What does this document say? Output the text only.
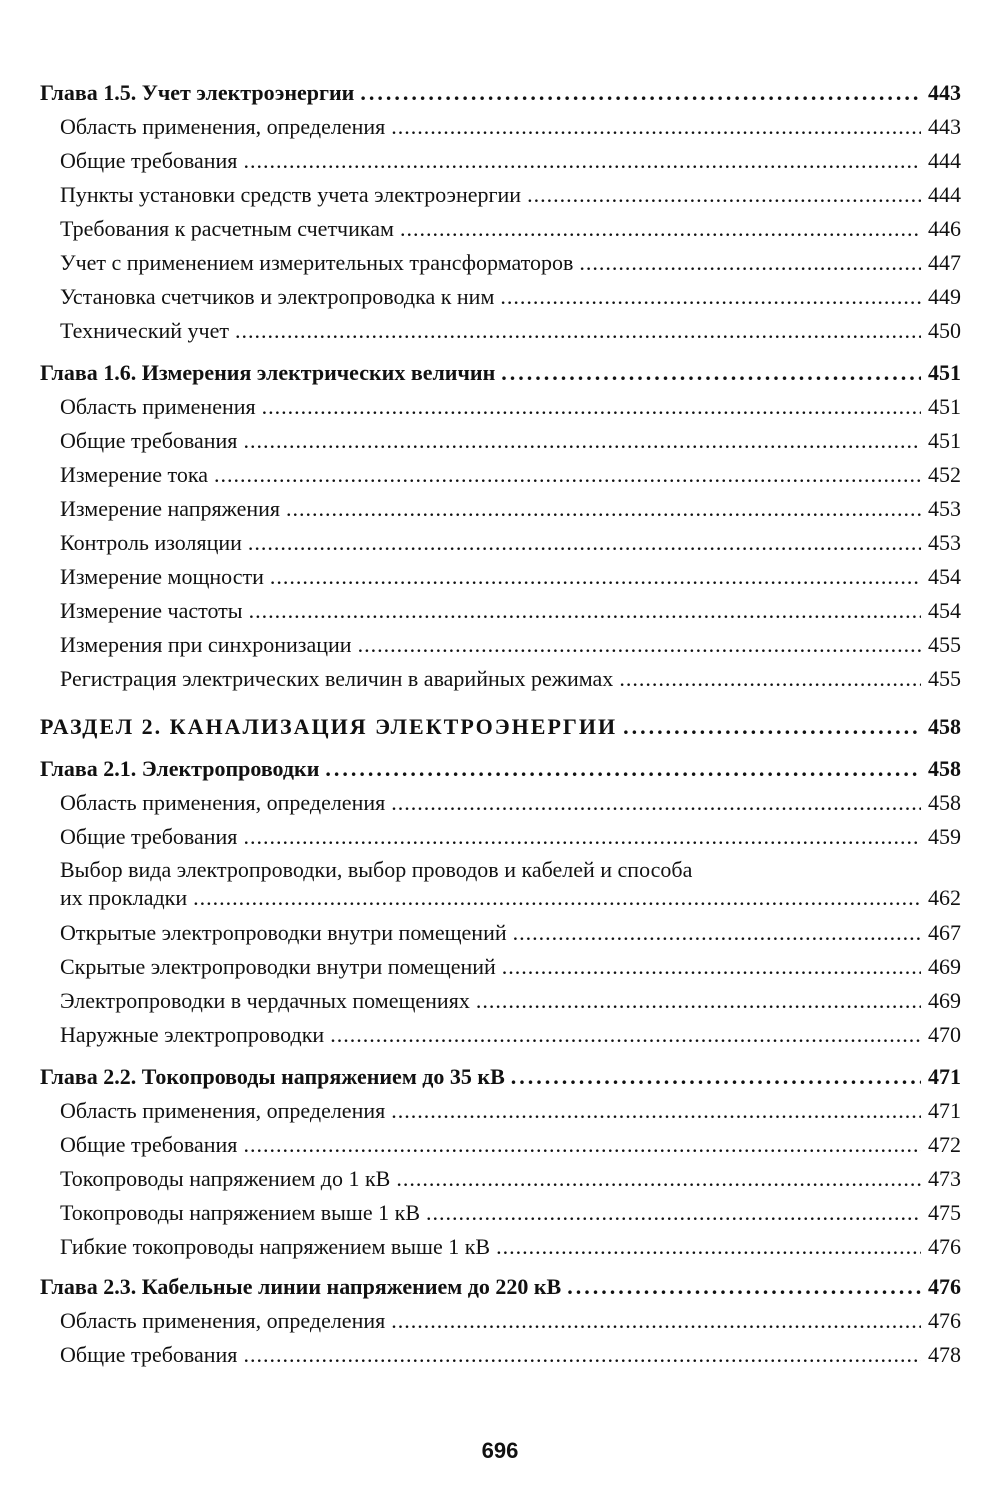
Глава 1.5. Учет электроэнергии .....	443
Область применения, определения .....	443
Общие требования .....	444
Пункты установки средств учета электроэнергии .....	444
Требования к расчетным счетчикам .....	446
Учет с применением измерительных трансформаторов .....	447
Установка счетчиков и электропроводка к ним .....	449
Технический учет .....	450
Глава 1.6. Измерения электрических величин .....	451
Область применения .....	451
Общие требования .....	451
Измерение тока .....	452
Измерение напряжения .....	453
Контроль изоляции .....	453
Измерение мощности .....	454
Измерение частоты .....	454
Измерения при синхронизации .....	455
Регистрация электрических величин в аварийных режимах .....	455
РАЗДЕЛ 2. КАНАЛИЗАЦИЯ ЭЛЕКТРОЭНЕРГИИ .....	458
Глава 2.1. Электропроводки .....	458
Область применения, определения .....	458
Общие требования .....	459
Выбор вида электропроводки, выбор проводов и кабелей и способа
их прокладки .....	462
Открытые электропроводки внутри помещений .....	467
Скрытые электропроводки внутри помещений .....	469
Электропроводки в чердачных помещениях .....	469
Наружные электропроводки .....	470
Глава 2.2. Токопроводы напряжением до 35 кВ .....	471
Область применения, определения .....	471
Общие требования .....	472
Токопроводы напряжением до 1 кВ .....	473
Токопроводы напряжением выше 1 кВ .....	475
Гибкие токопроводы напряжением выше 1 кВ .....	476
Глава 2.3. Кабельные линии напряжением до 220 кВ .....	476
Область применения, определения .....	476
Общие требования .....	478
696
